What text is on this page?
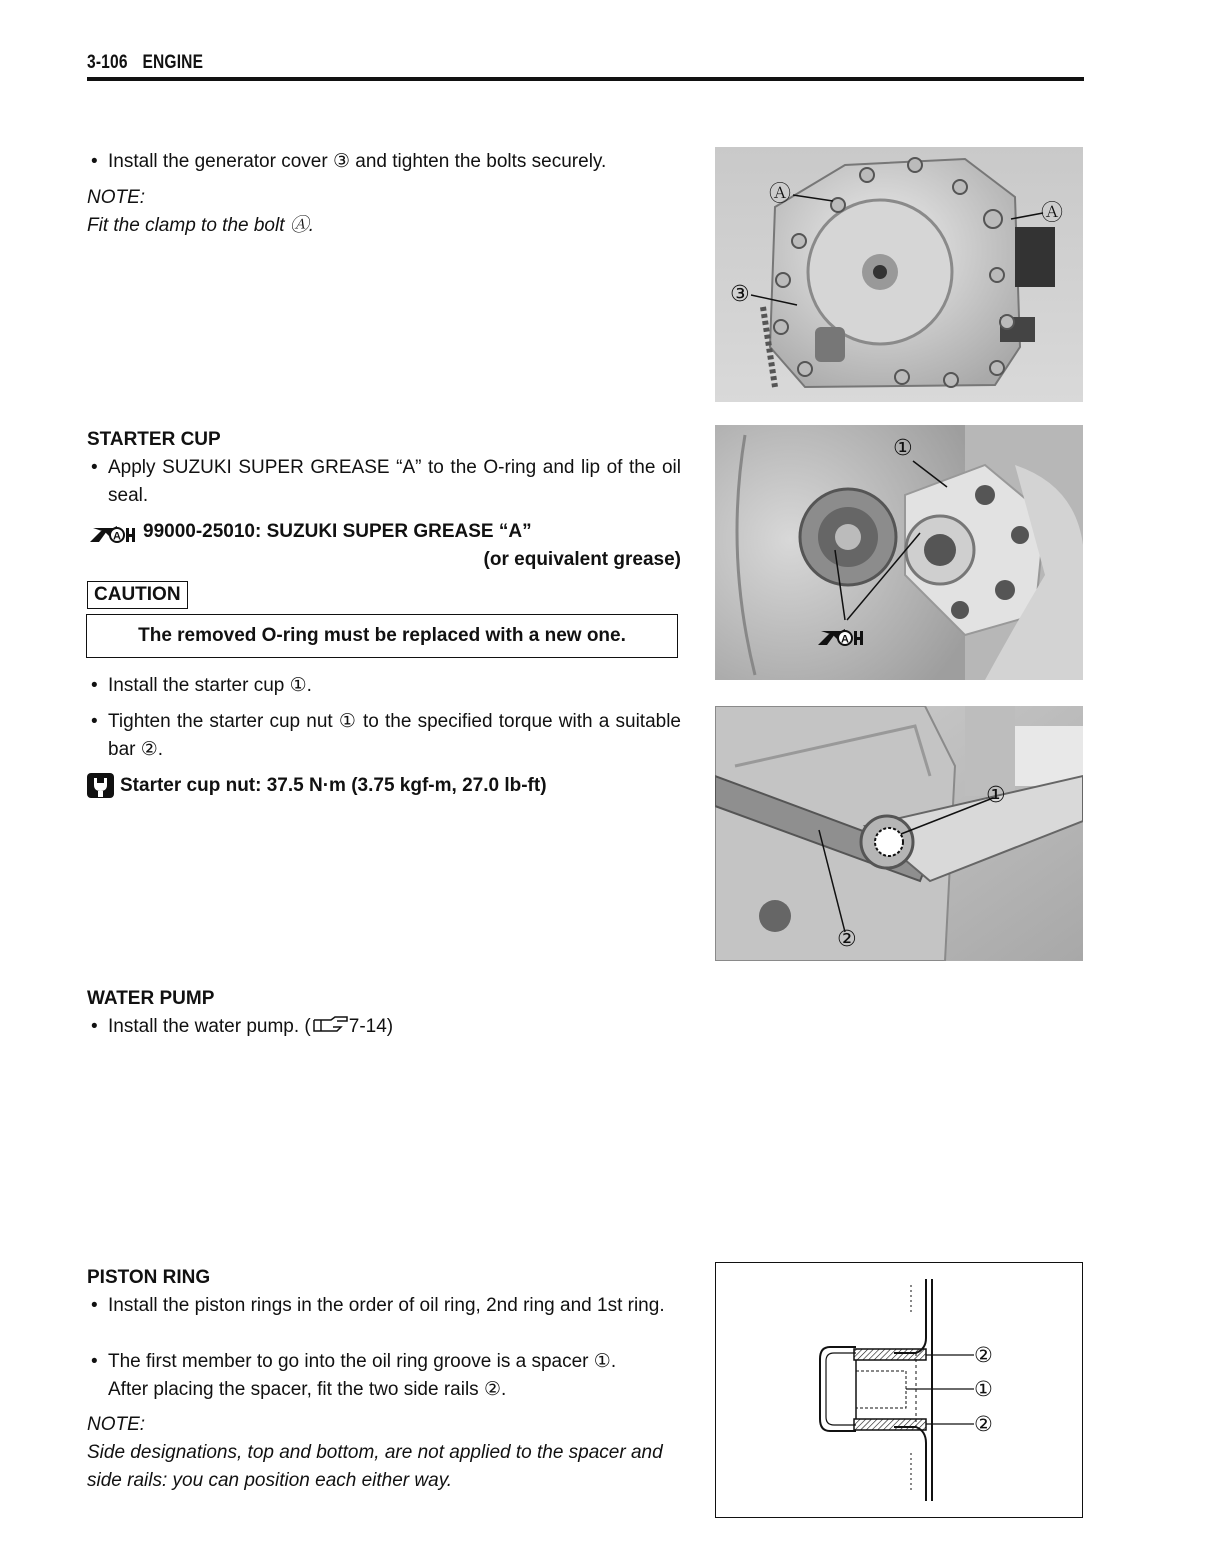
3-106 ENGINE
• Install the generator cover ③ and tighten the bolts securely.
NOTE:
Fit the clamp to the bolt Ⓐ.
Ⓐ
Ⓐ
③
STARTER CUP
• Apply SUZUKI SUPER GREASE “A” to the O-ring and lip of the oil seal.
A 99000-25010: SUZUKI SUPER GREASE “A”
(or equivalent grease)
CAUTION
The removed O-ring must be replaced with a new one.
• Install the starter cup ①.
• Tighten the starter cup nut ① to the specified torque with a suitable bar ②.
Starter cup nut: 37.5 N·m (3.75 kgf-m, 27.0 lb-ft)
A
①
①
②
WATER PUMP
• Install the water pump. ( 7-14)
PISTON RING
• Install the piston rings in the order of oil ring, 2nd ring and 1st ring.
• The first member to go into the oil ring groove is a spacer ①.
After placing the spacer, fit the two side rails ②.
NOTE:
Side designations, top and bottom, are not applied to the spacer and side rails: you can position each either way.
②
①
②
